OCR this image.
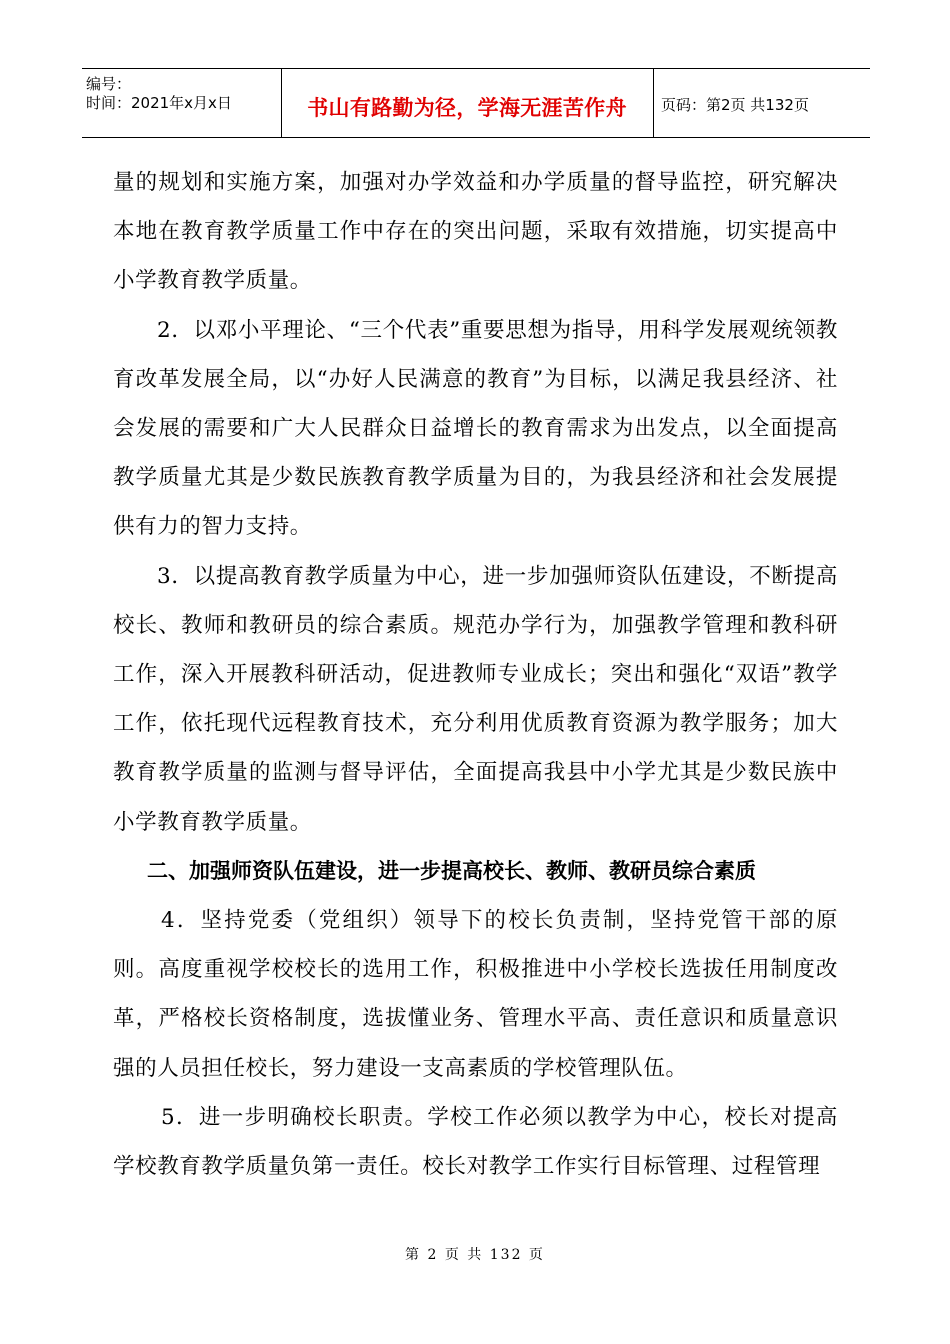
编号：
时间：2021年x月x日	书山有路勤为径，学海无涯苦作舟	页码：第2页 共132页

量的规划和实施方案，加强对办学效益和办学质量的督导监控，研究解决本地在教育教学质量工作中存在的突出问题，采取有效措施，切实提高中小学教育教学质量。

2．以邓小平理论、“三个代表”重要思想为指导，用科学发展观统领教育改革发展全局，以“办好人民满意的教育”为目标，以满足我县经济、社会发展的需要和广大人民群众日益增长的教育需求为出发点，以全面提高教学质量尤其是少数民族教育教学质量为目的，为我县经济和社会发展提供有力的智力支持。

3．以提高教育教学质量为中心，进一步加强师资队伍建设，不断提高校长、教师和教研员的综合素质。规范办学行为，加强教学管理和教科研工作，深入开展教科研活动，促进教师专业成长；突出和强化“双语”教学工作，依托现代远程教育技术，充分利用优质教育资源为教学服务；加大教育教学质量的监测与督导评估，全面提高我县中小学尤其是少数民族中小学教育教学质量。

二、加强师资队伍建设，进一步提高校长、教师、教研员综合素质

4．坚持党委（党组织）领导下的校长负责制，坚持党管干部的原则。高度重视学校校长的选用工作，积极推进中小学校长选拔任用制度改革，严格校长资格制度，选拔懂业务、管理水平高、责任意识和质量意识强的人员担任校长，努力建设一支高素质的学校管理队伍。

5．进一步明确校长职责。学校工作必须以教学为中心，校长对提高学校教育教学质量负第一责任。校长对教学工作实行目标管理、过程管理

第 2 页 共 132 页
